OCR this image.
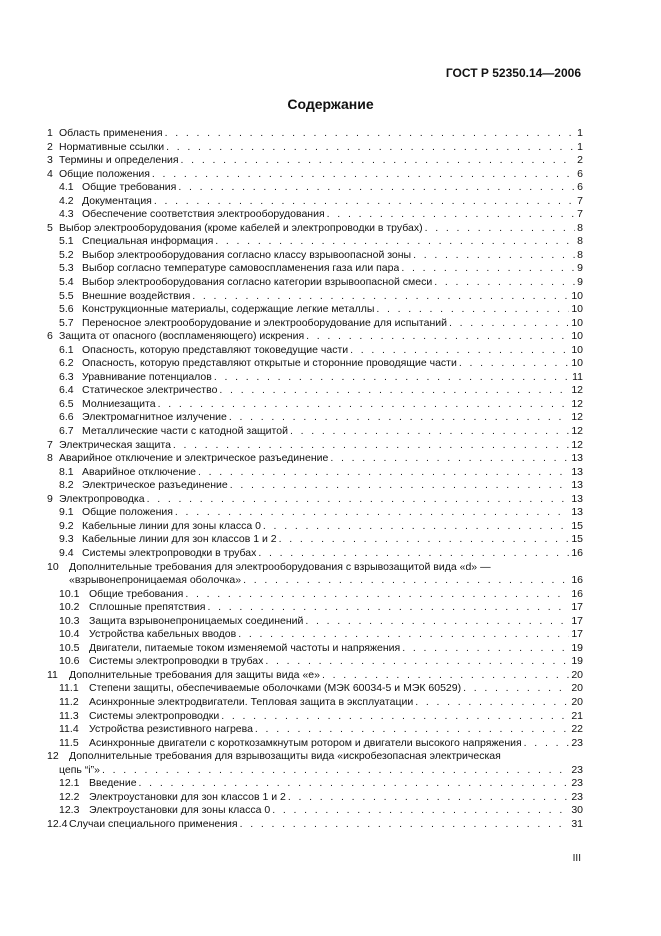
ГОСТ Р 52350.14—2006
Содержание
1 Область применения . . .	1
2 Нормативные ссылки . . .	1
3 Термины и определения . . .	2
4 Общие положения . . .	6
4.1 Общие требования . . .	6
4.2 Документация . . .	7
4.3 Обеспечение соответствия электрооборудования . . .	7
5 Выбор электрооборудования (кроме кабелей и электропроводки в трубах) . . .	8
5.1 Специальная информация . . .	8
5.2 Выбор электрооборудования согласно классу взрывоопасной зоны . . .	8
5.3 Выбор согласно температуре самовоспламенения газа или пара . . .	9
5.4 Выбор электрооборудования согласно категории взрывоопасной смеси . . .	9
5.5 Внешние воздействия . . .	10
5.6 Конструкционные материалы, содержащие легкие металлы . . .	10
5.7 Переносное электрооборудование и электрооборудование для испытаний . . .	10
6 Защита от опасного (воспламеняющего) искрения . . .	10
6.1 Опасность, которую представляют токоведущие части . . .	10
6.2 Опасность, которую представляют открытые и сторонние проводящие части . . .	10
6.3 Уравнивание потенциалов . . .	11
6.4 Статическое электричество . . .	12
6.5 Молниезащита . . .	12
6.6 Электромагнитное излучение . . .	12
6.7 Металлические части с катодной защитой . . .	12
7 Электрическая защита . . .	12
8 Аварийное отключение и электрическое разъединение . . .	13
8.1 Аварийное отключение . . .	13
8.2 Электрическое разъединение . . .	13
9 Электропроводка . . .	13
9.1 Общие положения . . .	13
9.2 Кабельные линии для зоны класса 0 . . .	15
9.3 Кабельные линии для зон классов 1 и 2 . . .	15
9.4 Системы электропроводки в трубах . . .	16
10 Дополнительные требования для электрооборудования с взрывозащитой вида «d» —
«взрывонепроницаемая оболочка» . . .	16
10.1 Общие требования . . .	16
10.2 Сплошные препятствия . . .	17
10.3 Защита взрывонепроницаемых соединений . . .	17
10.4 Устройства кабельных вводов . . .	17
10.5 Двигатели, питаемые током изменяемой частоты и напряжения . . .	19
10.6 Системы электропроводки в трубах . . .	19
11	Дополнительные требования для защиты вида «е» . . .	20
11.1 Степени защиты, обеспечиваемые оболочками (МЭК 60034-5 и МЭК 60529) . . .	20
11.2 Асинхронные электродвигатели. Тепловая защита в эксплуатации . . .	20
11.3 Системы электропроводки . . .	21
11.4 Устройства резистивного нагрева . . .	22
11.5 Асинхронные двигатели с короткозамкнутым ротором и двигатели высокого напряжения . . .	23
12 Дополнительные требования для взрывозащиты вида «искробезопасная электрическая
цепь “i”» . . .	23
12.1 Введение . . .	23
12.2 Электроустановки для зон классов 1 и 2 . . .	23
12.3 Электроустановки для зоны класса 0 . . .	30
12.4 Случаи специального применения . . .	31
III
